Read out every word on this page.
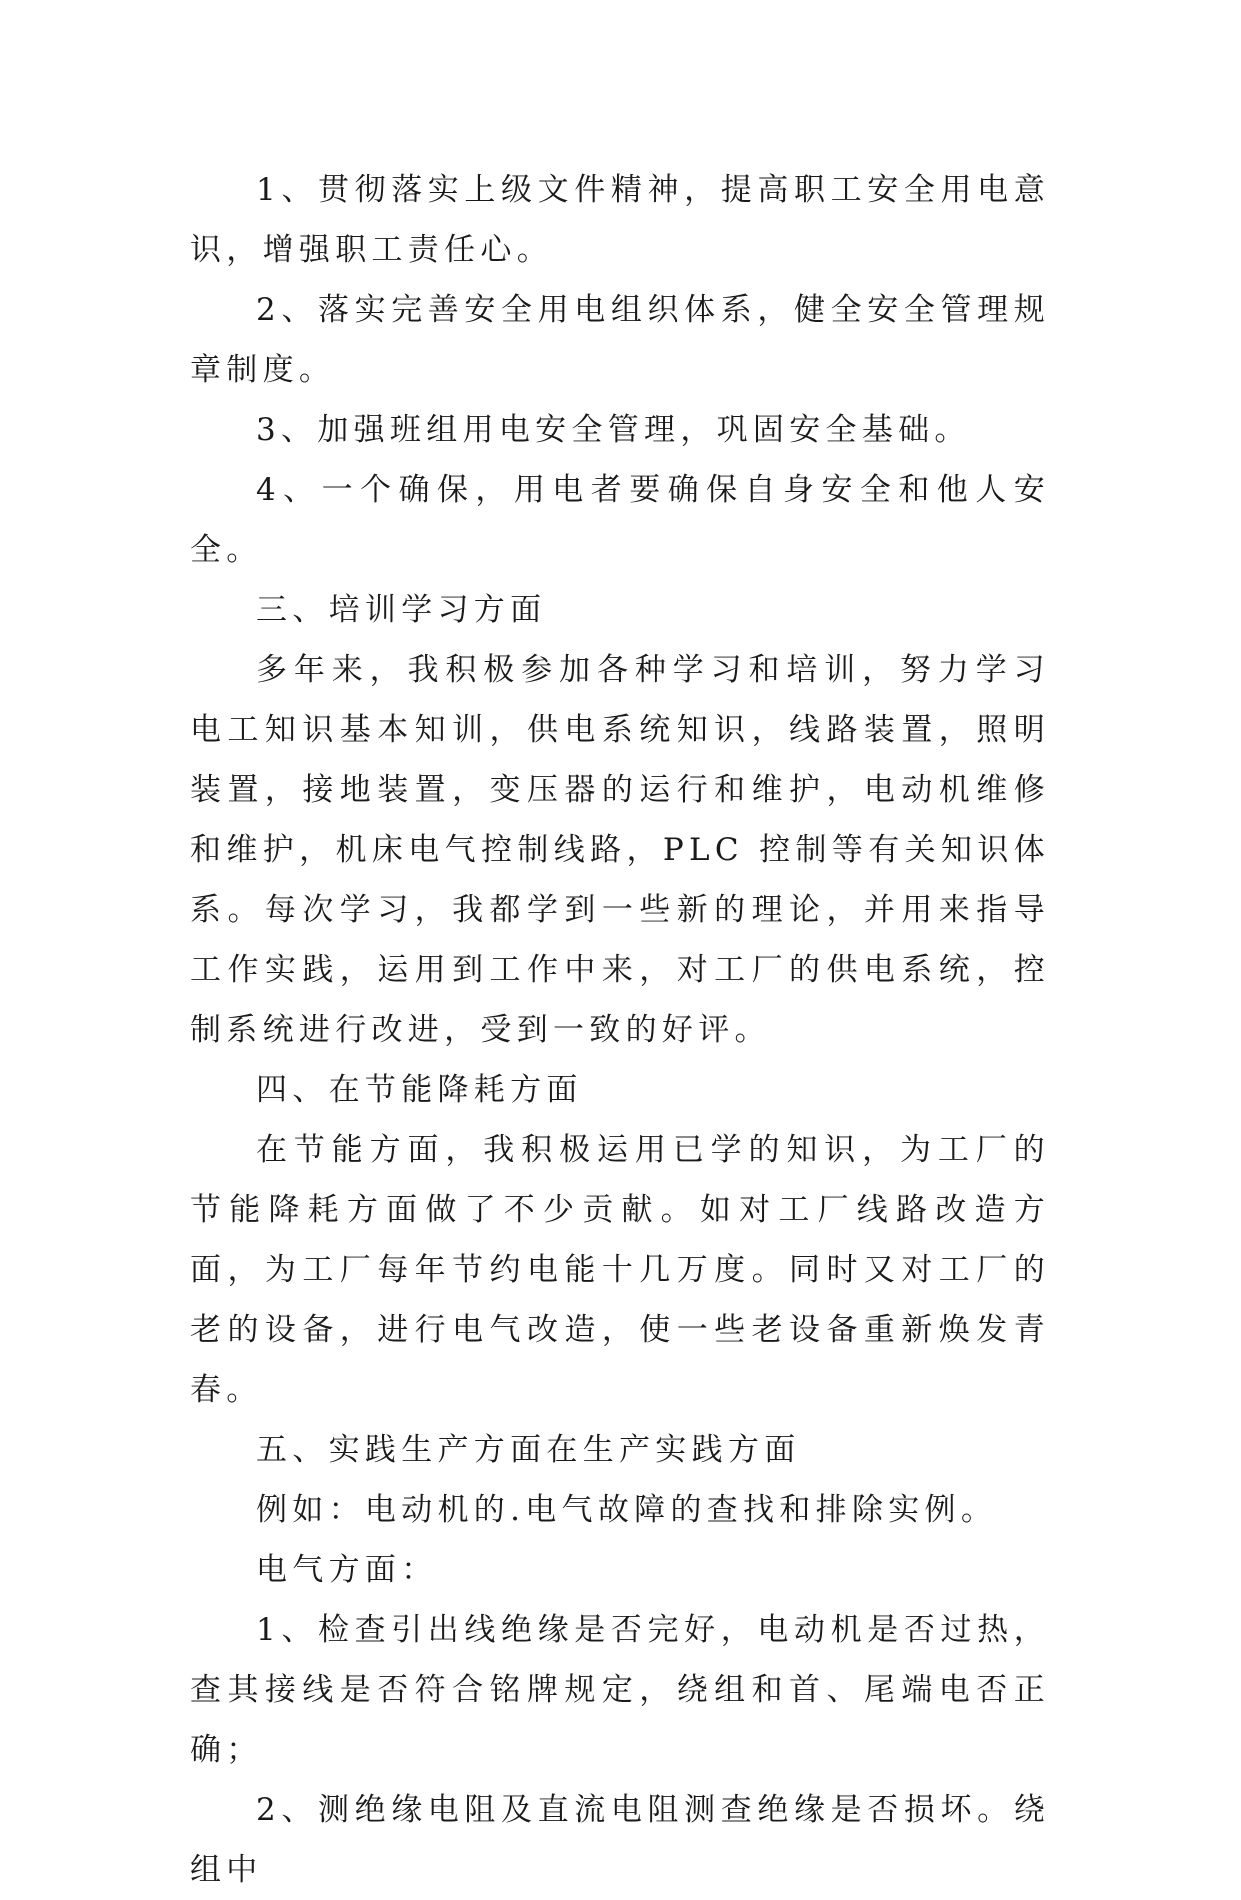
1、贯彻落实上级文件精神，提高职工安全用电意识，增强职工责任心。

2、落实完善安全用电组织体系，健全安全管理规章制度。

3、加强班组用电安全管理，巩固安全基础。

4、一个确保，用电者要确保自身安全和他人安全。

三、培训学习方面

多年来，我积极参加各种学习和培训，努力学习电工知识基本知训，供电系统知识，线路装置，照明装置，接地装置，变压器的运行和维护，电动机维修和维护，机床电气控制线路，PLC 控制等有关知识体系。每次学习，我都学到一些新的理论，并用来指导工作实践，运用到工作中来，对工厂的供电系统，控制系统进行改进，受到一致的好评。

四、在节能降耗方面

在节能方面，我积极运用已学的知识，为工厂的节能降耗方面做了不少贡献。如对工厂线路改造方面，为工厂每年节约电能十几万度。同时又对工厂的老的设备，进行电气改造，使一些老设备重新焕发青春。

五、实践生产方面在生产实践方面

例如：电动机的.电气故障的查找和排除实例。

电气方面：

1、检查引出线绝缘是否完好，电动机是否过热，查其接线是否符合铭牌规定，绕组和首、尾端电否正确；

2、测绝缘电阻及直流电阻测查绝缘是否损坏。绕组中
